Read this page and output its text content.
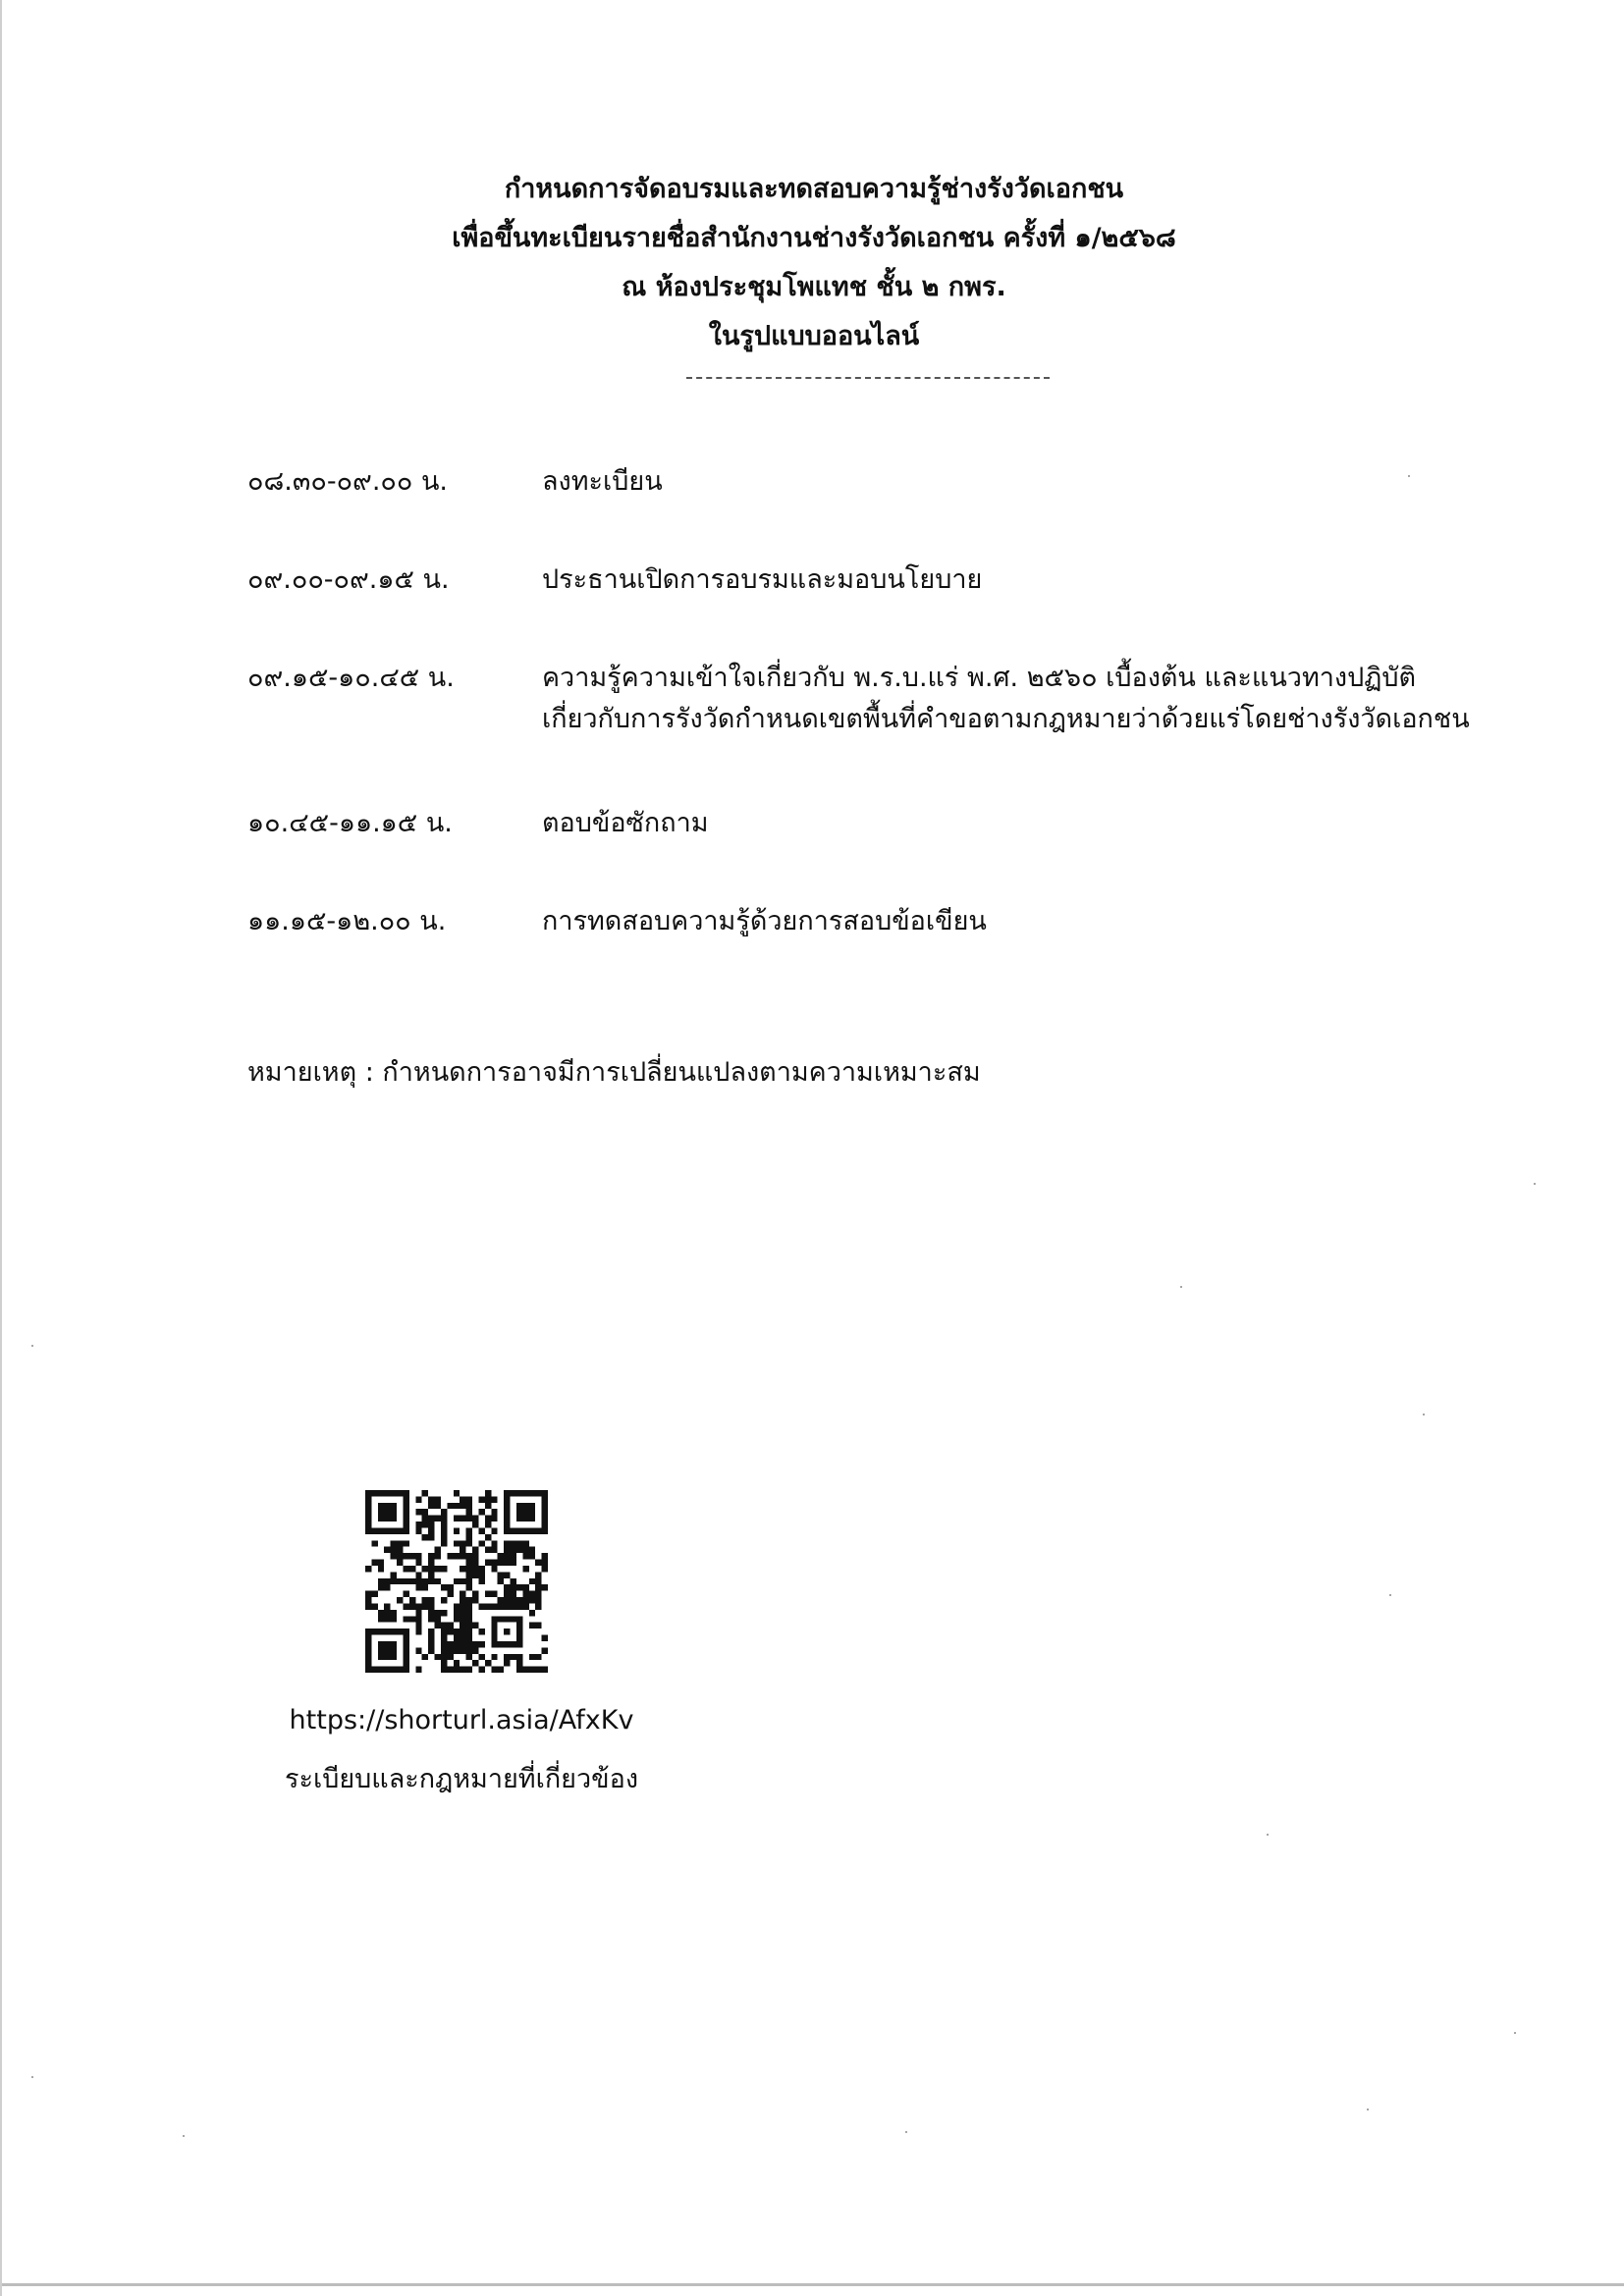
กำหนดการจัดอบรมและทดสอบความรู้ช่างรังวัดเอกชน

เพื่อขึ้นทะเบียนรายชื่อสำนักงานช่างรังวัดเอกชน ครั้งที่ ๑/๒๕๖๘

ณ ห้องประชุมโพแทช ชั้น ๒ กพร.

ในรูปแบบออนไลน์

๐๘.๓๐-๐๙.๐๐ น.	ลงทะเบียน
๐๙.๐๐-๐๙.๑๕ น.	ประธานเปิดการอบรมและมอบนโยบาย
๐๙.๑๕-๑๐.๔๕ น.	ความรู้ความเข้าใจเกี่ยวกับ พ.ร.บ.แร่ พ.ศ. ๒๕๖๐ เบื้องต้น และแนวทางปฏิบัติ
เกี่ยวกับการรังวัดกำหนดเขตพื้นที่คำขอตามกฎหมายว่าด้วยแร่โดยช่างรังวัดเอกชน
๑๐.๔๕-๑๑.๑๕ น.	ตอบข้อซักถาม
๑๑.๑๕-๑๒.๐๐ น.	การทดสอบความรู้ด้วยการสอบข้อเขียน
หมายเหตุ : กำหนดการอาจมีการเปลี่ยนแปลงตามความเหมาะสม
https://shorturl.asia/AfxKv
ระเบียบและกฎหมายที่เกี่ยวข้อง
